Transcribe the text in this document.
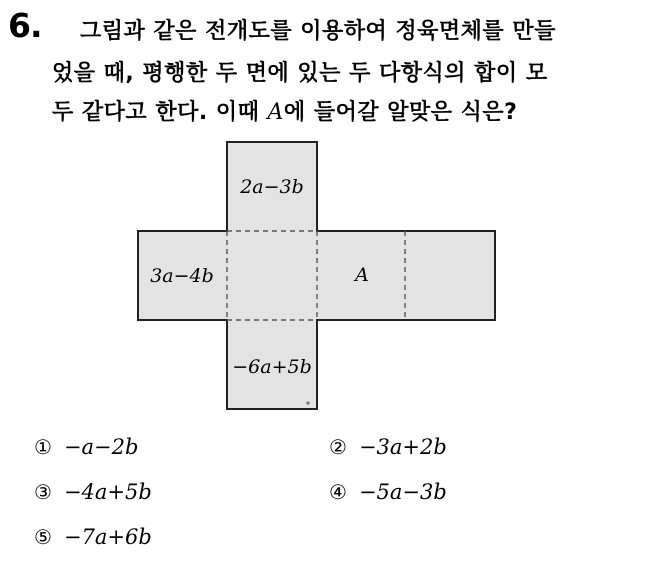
6. 그림과 같은 전개도를 이용하여 정육면체를 만들
었을 때, 평행한 두 면에 있는 두 다항식의 합이 모
두 같다고 한다. 이때 A에 들어갈 알맞은 식은?
2a−3b
3a−4b	A
−6a+5b
① −a−2b	② −3a+2b
③ −4a+5b	④ −5a−3b
⑤ −7a+6b
